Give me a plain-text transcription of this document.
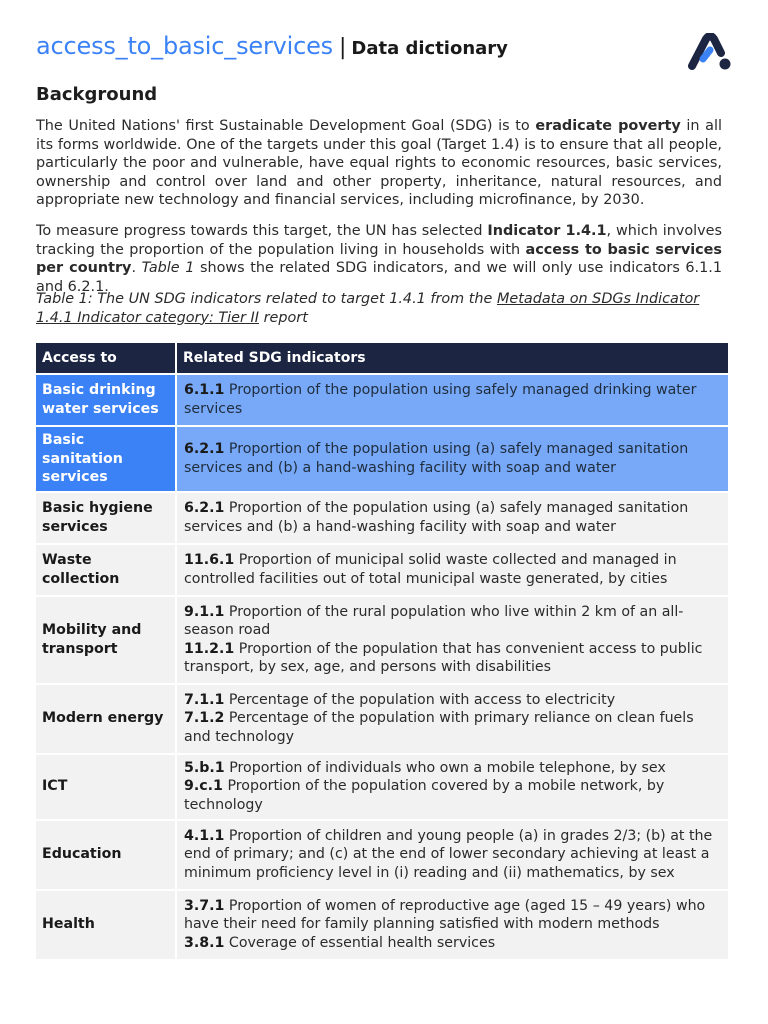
access_to_basic_services | Data dictionary
Background

The United Nations' first Sustainable Development Goal (SDG) is to eradicate poverty in all its forms worldwide. One of the targets under this goal (Target 1.4) is to ensure that all people, particularly the poor and vulnerable, have equal rights to economic resources, basic services, ownership and control over land and other property, inheritance, natural resources, and appropriate new technology and financial services, including microfinance, by 2030.

To measure progress towards this target, the UN has selected Indicator 1.4.1, which involves tracking the proportion of the population living in households with access to basic services per country. Table 1 shows the related SDG indicators, and we will only use indicators 6.1.1 and 6.2.1.

Table 1: The UN SDG indicators related to target 1.4.1 from the Metadata on SDGs Indicator 1.4.1 Indicator category: Tier II report

Access to	Related SDG indicators
Basic drinking water services	6.1.1 Proportion of the population using safely managed drinking water services

Basic sanitation services	6.2.1 Proportion of the population using (a) safely managed sanitation services and (b) a hand-washing facility with soap and water

Basic hygiene services	6.2.1 Proportion of the population using (a) safely managed sanitation services and (b) a hand-washing facility with soap and water

Waste collection	11.6.1 Proportion of municipal solid waste collected and managed in controlled facilities out of total municipal waste generated, by cities

Mobility and transport	9.1.1 Proportion of the rural population who live within 2 km of an all-season road
11.2.1 Proportion of the population that has convenient access to public transport, by sex, age, and persons with disabilities

Modern energy	7.1.1 Percentage of the population with access to electricity
7.1.2 Percentage of the population with primary reliance on clean fuels and technology

ICT	5.b.1 Proportion of individuals who own a mobile telephone, by sex
9.c.1 Proportion of the population covered by a mobile network, by technology

Education	4.1.1 Proportion of children and young people (a) in grades 2/3; (b) at the end of primary; and (c) at the end of lower secondary achieving at least a minimum proficiency level in (i) reading and (ii) mathematics, by sex

Health	3.7.1 Proportion of women of reproductive age (aged 15 – 49 years) who have their need for family planning satisfied with modern methods
3.8.1 Coverage of essential health services
